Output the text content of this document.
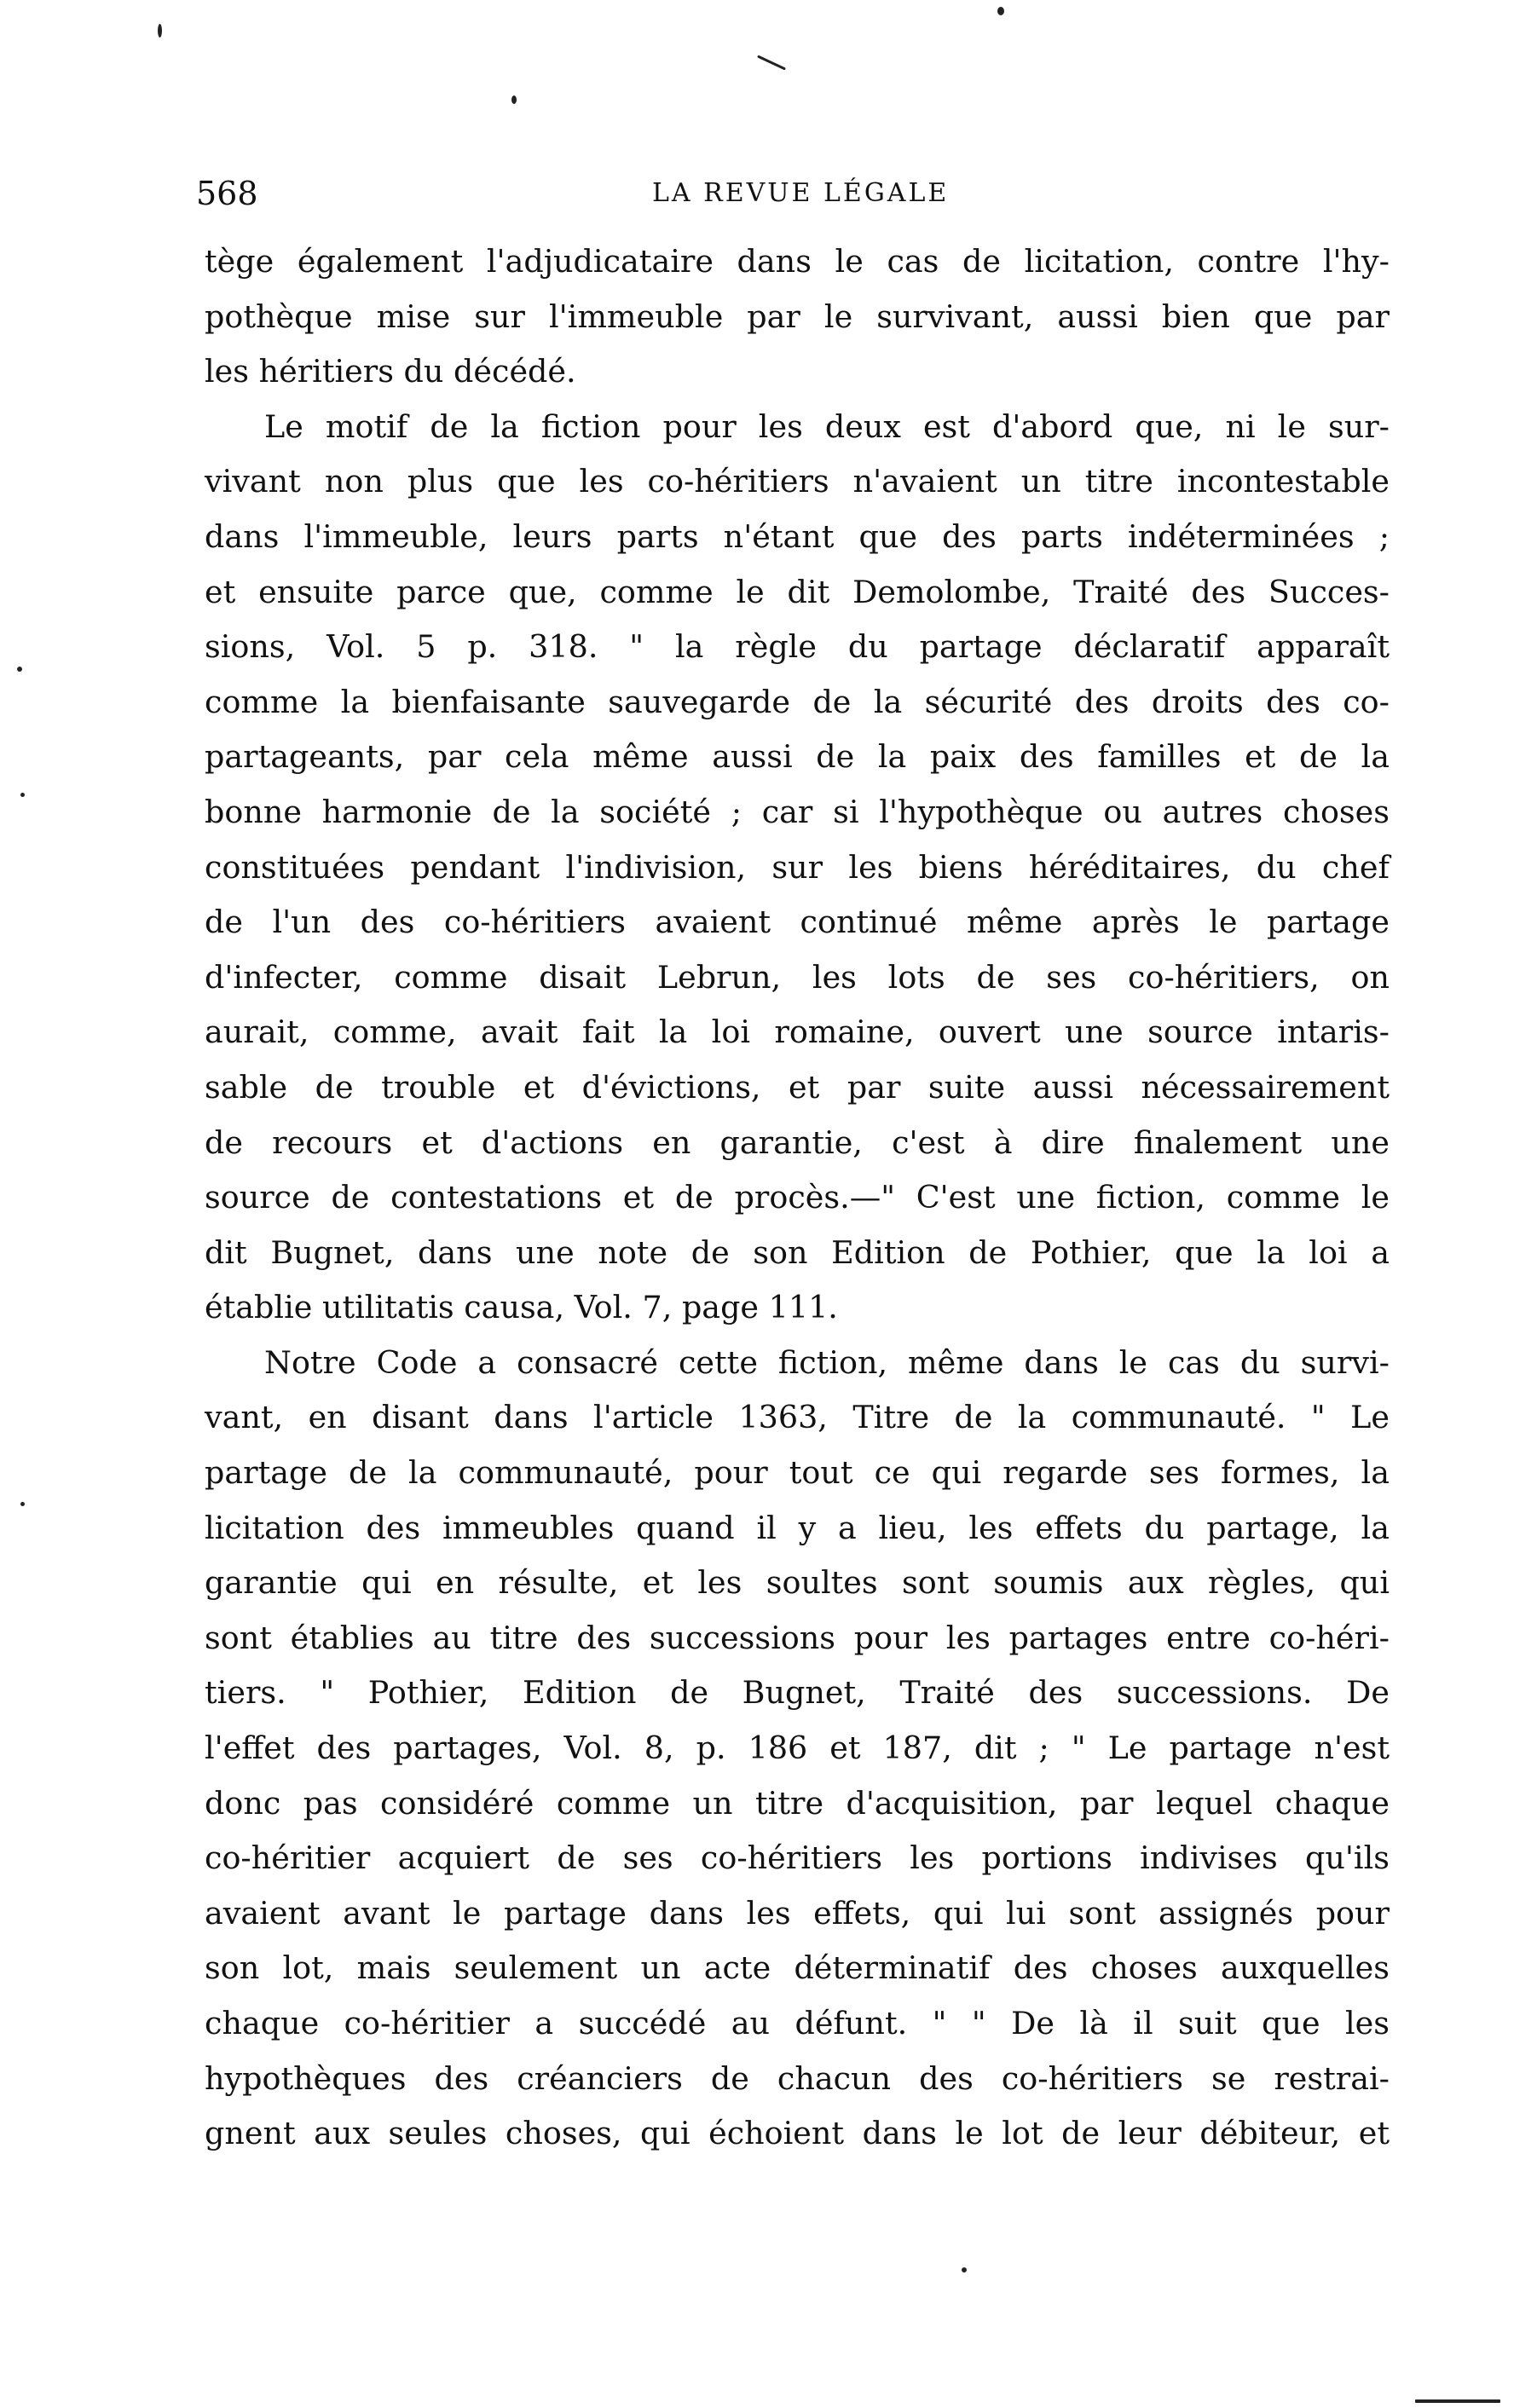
568	LA REVUE LÉGALE
tège également l'adjudicataire dans le cas de licitation, contre l'hy-
pothèque mise sur l'immeuble par le survivant, aussi bien que par
les héritiers du décédé.
Le motif de la fiction pour les deux est d'abord que, ni le sur-
vivant non plus que les co-héritiers n'avaient un titre incontestable
dans l'immeuble, leurs parts n'étant que des parts indéterminées ;
et ensuite parce que, comme le dit Demolombe, Traité des Succes-
sions, Vol. 5 p. 318. " la règle du partage déclaratif apparaît
comme la bienfaisante sauvegarde de la sécurité des droits des co-
partageants, par cela même aussi de la paix des familles et de la
bonne harmonie de la société ; car si l'hypothèque ou autres choses
constituées pendant l'indivision, sur les biens héréditaires, du chef
de l'un des co-héritiers avaient continué même après le partage
d'infecter, comme disait Lebrun, les lots de ses co-héritiers, on
aurait, comme, avait fait la loi romaine, ouvert une source intaris-
sable de trouble et d'évictions, et par suite aussi nécessairement
de recours et d'actions en garantie, c'est à dire finalement une
source de contestations et de procès.—" C'est une fiction, comme le
dit Bugnet, dans une note de son Edition de Pothier, que la loi a
établie utilitatis causa, Vol. 7, page 111.
Notre Code a consacré cette fiction, même dans le cas du survi-
vant, en disant dans l'article 1363, Titre de la communauté. " Le
partage de la communauté, pour tout ce qui regarde ses formes, la
licitation des immeubles quand il y a lieu, les effets du partage, la
garantie qui en résulte, et les soultes sont soumis aux règles, qui
sont établies au titre des successions pour les partages entre co-héri-
tiers. " Pothier, Edition de Bugnet, Traité des successions. De
l'effet des partages, Vol. 8, p. 186 et 187, dit ; " Le partage n'est
donc pas considéré comme un titre d'acquisition, par lequel chaque
co-héritier acquiert de ses co-héritiers les portions indivises qu'ils
avaient avant le partage dans les effets, qui lui sont assignés pour
son lot, mais seulement un acte déterminatif des choses auxquelles
chaque co-héritier a succédé au défunt. " " De là il suit que les
hypothèques des créanciers de chacun des co-héritiers se restrai-
gnent aux seules choses, qui échoient dans le lot de leur débiteur, et
